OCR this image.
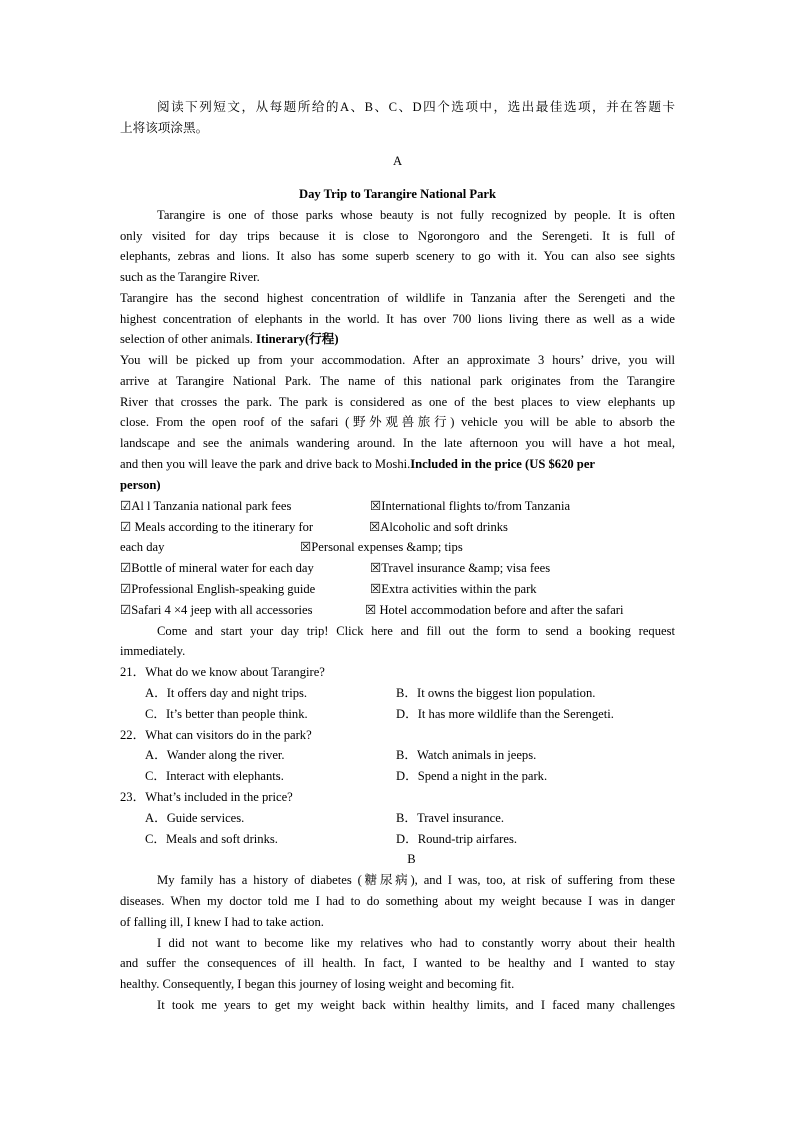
阅读下列短文，从每题所给的A、B、C、D四个选项中，选出最佳选项，并在答题卡
上将该项涂黑。
A
Day Trip to Tarangire National Park
Tarangire is one of those parks whose beauty is not fully recognized by people. It is often
only visited for day trips because it is close to Ngorongoro and the Serengeti. It is full of
elephants, zebras and lions. It also has some superb scenery to go with it. You can also see sights
such as the Tarangire River.
Tarangire has the second highest concentration of wildlife in Tanzania after the Serengeti and the
highest concentration of elephants in the world. It has over 700 lions living there as well as a wide
selection of other animals. Itinerary(行程)
You will be picked up from your accommodation. After an approximate 3 hours’ drive, you will
arrive at Tarangire National Park. The name of this national park originates from the Tarangire
River that crosses the park. The park is considered as one of the best places to view elephants up
close. From the open roof of the safari (野外观兽旅行) vehicle you will be able to absorb the
landscape and see the animals wandering around. In the late afternoon you will have a hot meal,
and then you will leave the park and drive back to Moshi.Included in the price (US $620 per
person)
☑Al l Tanzania national park fees	☒International flights to/from Tanzania
☑ Meals according to the itinerary for	☒Alcoholic and soft drinks
each day	☒Personal expenses &amp; tips
☑Bottle of mineral water for each day	☒Travel insurance &amp; visa fees
☑Professional English-speaking guide	☒Extra activities within the park
☑Safari 4 ×4 jeep with all accessories	☒ Hotel accommodation before and after the safari
Come and start your day trip! Click here and fill out the form to send a booking request
immediately.
21．What do we know about Tarangire?
A．It offers day and night trips.	B．It owns the biggest lion population.
C．It’s better than people think.	D．It has more wildlife than the Serengeti.
22．What can visitors do in the park?
A．Wander along the river.	B．Watch animals in jeeps.
C．Interact with elephants.	D．Spend a night in the park.
23．What’s included in the price?
A．Guide services.	B．Travel insurance.
C．Meals and soft drinks.	D．Round-trip airfares.
B
My family has a history of diabetes (糖尿病), and I was, too, at risk of suffering from these
diseases. When my doctor told me I had to do something about my weight because I was in danger
of falling ill, I knew I had to take action.
I did not want to become like my relatives who had to constantly worry about their health
and suffer the consequences of ill health. In fact, I wanted to be healthy and I wanted to stay
healthy. Consequently, I began this journey of losing weight and becoming fit.
It took me years to get my weight back within healthy limits, and I faced many challenges
